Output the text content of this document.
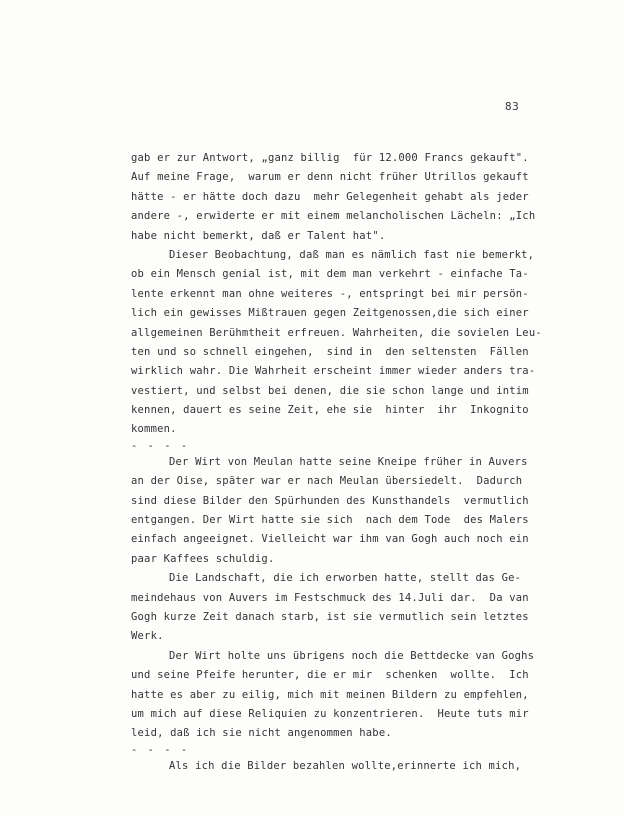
83
gab er zur Antwort, „ganz billig  für 12.000 Francs gekauft".
Auf meine Frage,  warum er denn nicht früher Utrillos gekauft
hätte - er hätte doch dazu  mehr Gelegenheit gehabt als jeder
andere -, erwiderte er mit einem melancholischen Lächeln: „Ich
habe nicht bemerkt, daß er Talent hat".
Dieser Beobachtung, daß man es nämlich fast nie bemerkt,
ob ein Mensch genial ist, mit dem man verkehrt - einfache Ta-
lente erkennt man ohne weiteres -, entspringt bei mir persön-
lich ein gewisses Mißtrauen gegen Zeitgenossen,die sich einer
allgemeinen Berühmtheit erfreuen. Wahrheiten, die sovielen Leu-
ten und so schnell eingehen,  sind in  den seltensten  Fällen
wirklich wahr. Die Wahrheit erscheint immer wieder anders tra-
vestiert, und selbst bei denen, die sie schon lange und intim
kennen, dauert es seine Zeit, ehe sie  hinter  ihr  Inkognito
kommen.
- - - -
Der Wirt von Meulan hatte seine Kneipe früher in Auvers
an der Oise, später war er nach Meulan übersiedelt.  Dadurch
sind diese Bilder den Spürhunden des Kunsthandels  vermutlich
entgangen. Der Wirt hatte sie sich  nach dem Tode  des Malers
einfach angeeignet. Vielleicht war ihm van Gogh auch noch ein
paar Kaffees schuldig.
Die Landschaft, die ich erworben hatte, stellt das Ge-
meindehaus von Auvers im Festschmuck des 14.Juli dar.  Da van
Gogh kurze Zeit danach starb, ist sie vermutlich sein letztes
Werk.
Der Wirt holte uns übrigens noch die Bettdecke van Goghs
und seine Pfeife herunter, die er mir  schenken  wollte.  Ich
hatte es aber zu eilig, mich mit meinen Bildern zu empfehlen,
um mich auf diese Reliquien zu konzentrieren.  Heute tuts mir
leid, daß ich sie nicht angenommen habe.
- - - -
Als ich die Bilder bezahlen wollte,erinnerte ich mich,
